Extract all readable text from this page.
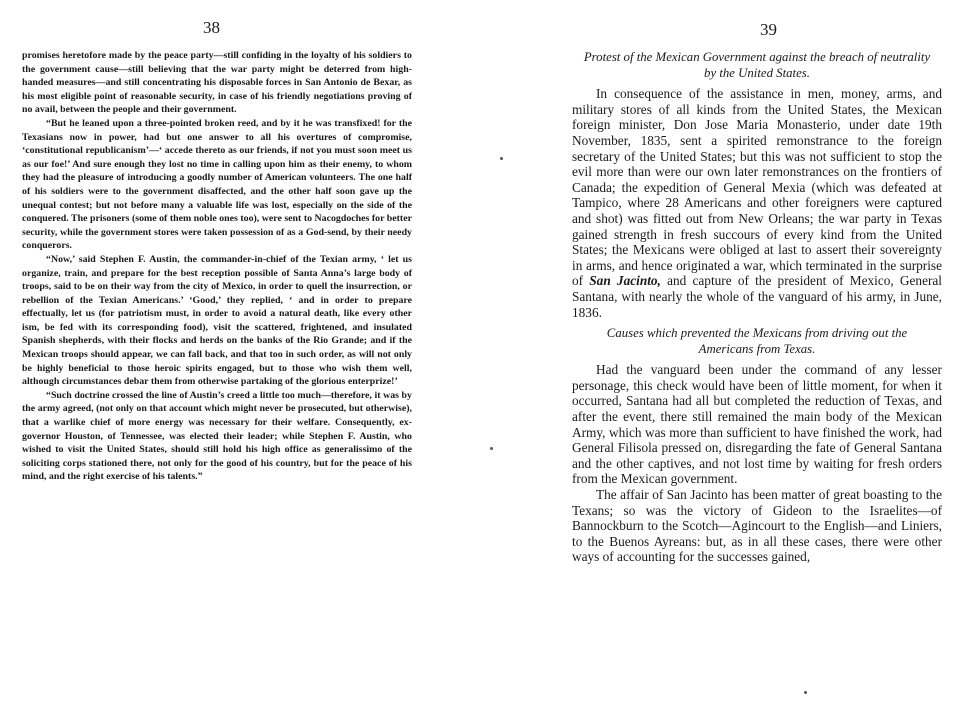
38

promises heretofore made by the peace party—still confiding in the loyalty of his soldiers to the government cause—still believing that the war party might be deterred from high-handed measures—and still concentrating his disposable forces in San Antonio de Bexar, as his most eligible point of reasonable security, in case of his friendly negotiations proving of no avail, between the people and their government.

“But he leaned upon a three-pointed broken reed, and by it he was transfixed! for the Texasians now in power, had but one answer to all his overtures of compromise, ‘constitutional republicanism’—‘ accede thereto as our friends, if not you must soon meet us as our foe!’ And sure enough they lost no time in calling upon him as their enemy, to whom they had the pleasure of introducing a goodly number of American volunteers. The one half of his soldiers were to the government disaffected, and the other half soon gave up the unequal contest; but not before many a valuable life was lost, especially on the side of the conquered. The prisoners (some of them noble ones too), were sent to Nacogdoches for better security, while the government stores were taken possession of as a God-send, by their needy conquerors.

“Now,’ said Stephen F. Austin, the commander-in-chief of the Texian army, ‘ let us organize, train, and prepare for the best reception possible of Santa Anna’s large body of troops, said to be on their way from the city of Mexico, in order to quell the insurrection, or rebellion of the Texian Americans.’ ‘Good,’ they replied, ‘ and in order to prepare effectually, let us (for patriotism must, in order to avoid a natural death, like every other ism, be fed with its corresponding food), visit the scattered, frightened, and insulated Spanish shepherds, with their flocks and herds on the banks of the Rio Grande; and if the Mexican troops should appear, we can fall back, and that too in such order, as will not only be highly beneficial to those heroic spirits engaged, but to those who wish them well, although circumstances debar them from otherwise partaking of the glorious enterprize!’

“Such doctrine crossed the line of Austin’s creed a little too much—therefore, it was by the army agreed, (not only on that account which might never be prosecuted, but otherwise), that a warlike chief of more energy was necessary for their welfare. Consequently, ex-governor Houston, of Tennessee, was elected their leader; while Stephen F. Austin, who wished to visit the United States, should still hold his high office as generalissimo of the soliciting corps stationed there, not only for the good of his country, but for the peace of his mind, and the right exercise of his talents.”

39

Protest of the Mexican Government against the breach of neutrality by the United States.

In consequence of the assistance in men, money, arms, and military stores of all kinds from the United States, the Mexican foreign minister, Don Jose Maria Monasterio, under date 19th November, 1835, sent a spirited remonstrance to the foreign secretary of the United States; but this was not sufficient to stop the evil more than were our own later remonstrances on the frontiers of Canada; the expedition of General Mexia (which was defeated at Tampico, where 28 Americans and other foreigners were captured and shot) was fitted out from New Orleans; the war party in Texas gained strength in fresh succours of every kind from the United States; the Mexicans were obliged at last to assert their sovereignty in arms, and hence originated a war, which terminated in the surprise of San Jacinto, and capture of the president of Mexico, General Santana, with nearly the whole of the vanguard of his army, in June, 1836.

Causes which prevented the Mexicans from driving out the Americans from Texas.

Had the vanguard been under the command of any lesser personage, this check would have been of little moment, for when it occurred, Santana had all but completed the reduction of Texas, and after the event, there still remained the main body of the Mexican Army, which was more than sufficient to have finished the work, had General Filisola pressed on, disregarding the fate of General Santana and the other captives, and not lost time by waiting for fresh orders from the Mexican government.

The affair of San Jacinto has been matter of great boasting to the Texans; so was the victory of Gideon to the Israelites—of Bannockburn to the Scotch—Agincourt to the English—and Liniers, to the Buenos Ayreans: but, as in all these cases, there were other ways of accounting for the successes gained,
